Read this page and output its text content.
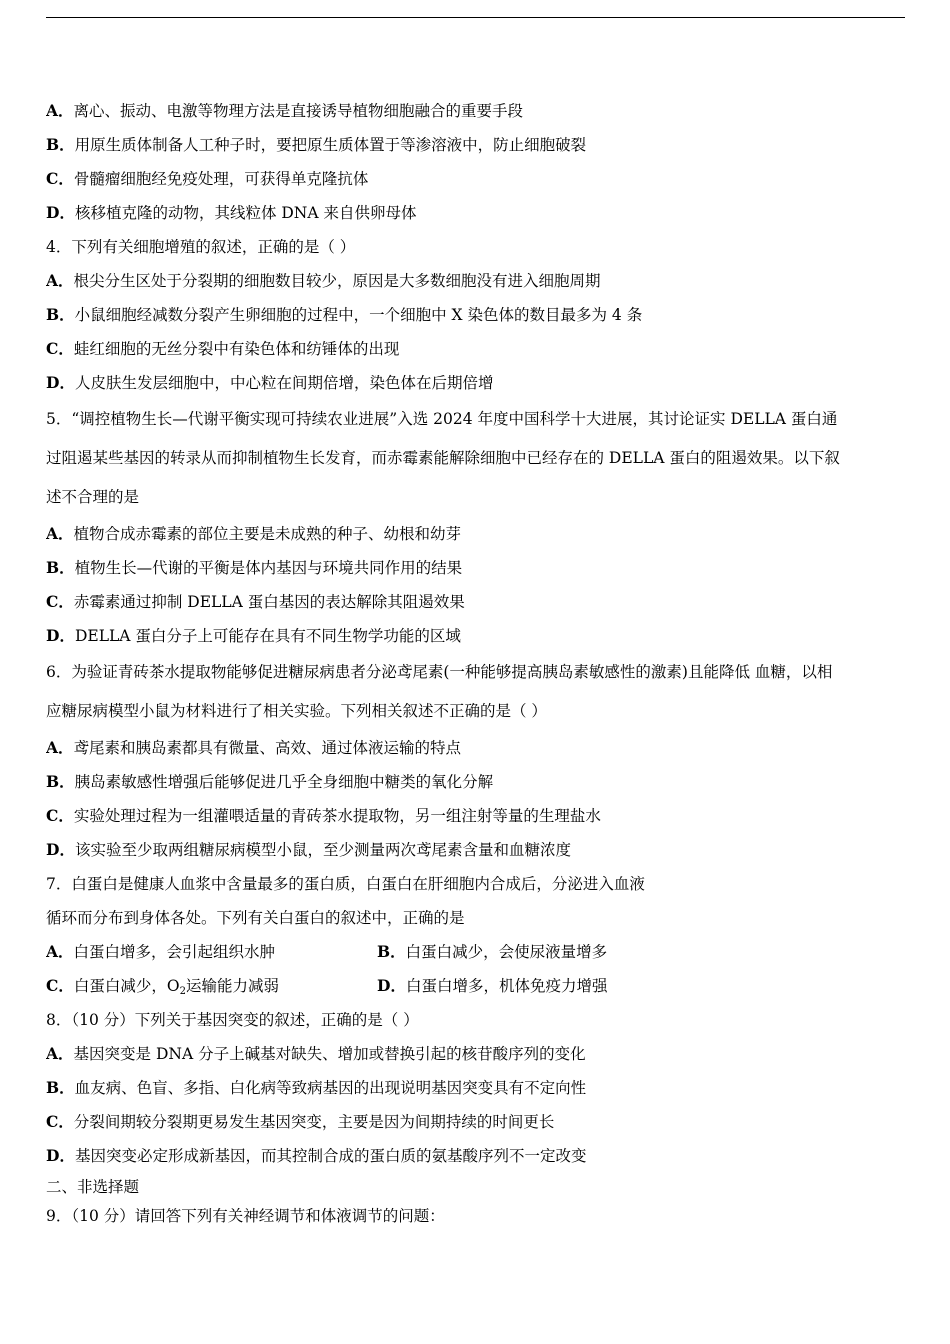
A．离心、振动、电激等物理方法是直接诱导植物细胞融合的重要手段
B．用原生质体制备人工种子时，要把原生质体置于等渗溶液中，防止细胞破裂
C．骨髓瘤细胞经免疫处理，可获得单克隆抗体
D．核移植克隆的动物，其线粒体 DNA 来自供卵母体
4．下列有关细胞增殖的叙述，正确的是（ ）
A．根尖分生区处于分裂期的细胞数目较少，原因是大多数细胞没有进入细胞周期
B．小鼠细胞经减数分裂产生卵细胞的过程中，一个细胞中 X 染色体的数目最多为 4 条
C．蛙红细胞的无丝分裂中有染色体和纺锤体的出现
D．人皮肤生发层细胞中，中心粒在间期倍增，染色体在后期倍增
5．“调控植物生长—代谢平衡实现可持续农业进展”入选 2024 年度中国科学十大进展，其讨论证实 DELLA 蛋白通
过阻遏某些基因的转录从而抑制植物生长发育，而赤霉素能解除细胞中已经存在的 DELLA 蛋白的阻遏效果。以下叙
述不合理的是
A．植物合成赤霉素的部位主要是未成熟的种子、幼根和幼芽
B．植物生长—代谢的平衡是体内基因与环境共同作用的结果
C．赤霉素通过抑制 DELLA 蛋白基因的表达解除其阻遏效果
D．DELLA 蛋白分子上可能存在具有不同生物学功能的区域
6．为验证青砖茶水提取物能够促进糖尿病患者分泌鸢尾素(一种能够提高胰岛素敏感性的激素)且能降低 血糖，以相
应糖尿病模型小鼠为材料进行了相关实验。下列相关叙述不正确的是（ ）
A．鸢尾素和胰岛素都具有微量、高效、通过体液运输的特点
B．胰岛素敏感性增强后能够促进几乎全身细胞中糖类的氧化分解
C．实验处理过程为一组灌喂适量的青砖茶水提取物，另一组注射等量的生理盐水
D．该实验至少取两组糖尿病模型小鼠，至少测量两次鸢尾素含量和血糖浓度
7．白蛋白是健康人血浆中含量最多的蛋白质，白蛋白在肝细胞内合成后，分泌进入血液
循环而分布到身体各处。下列有关白蛋白的叙述中，正确的是
A．白蛋白增多，会引起组织水肿	B．白蛋白减少，会使尿液量增多
C．白蛋白减少，$O_2$运输能力减弱	D．白蛋白增多，机体免疫力增强
8．（10 分）下列关于基因突变的叙述，正确的是（ ）
A．基因突变是 DNA 分子上碱基对缺失、增加或替换引起的核苷酸序列的变化
B．血友病、色盲、多指、白化病等致病基因的出现说明基因突变具有不定向性
C．分裂间期较分裂期更易发生基因突变，主要是因为间期持续的时间更长
D．基因突变必定形成新基因，而其控制合成的蛋白质的氨基酸序列不一定改变
二、非选择题
9．（10 分）请回答下列有关神经调节和体液调节的问题：
